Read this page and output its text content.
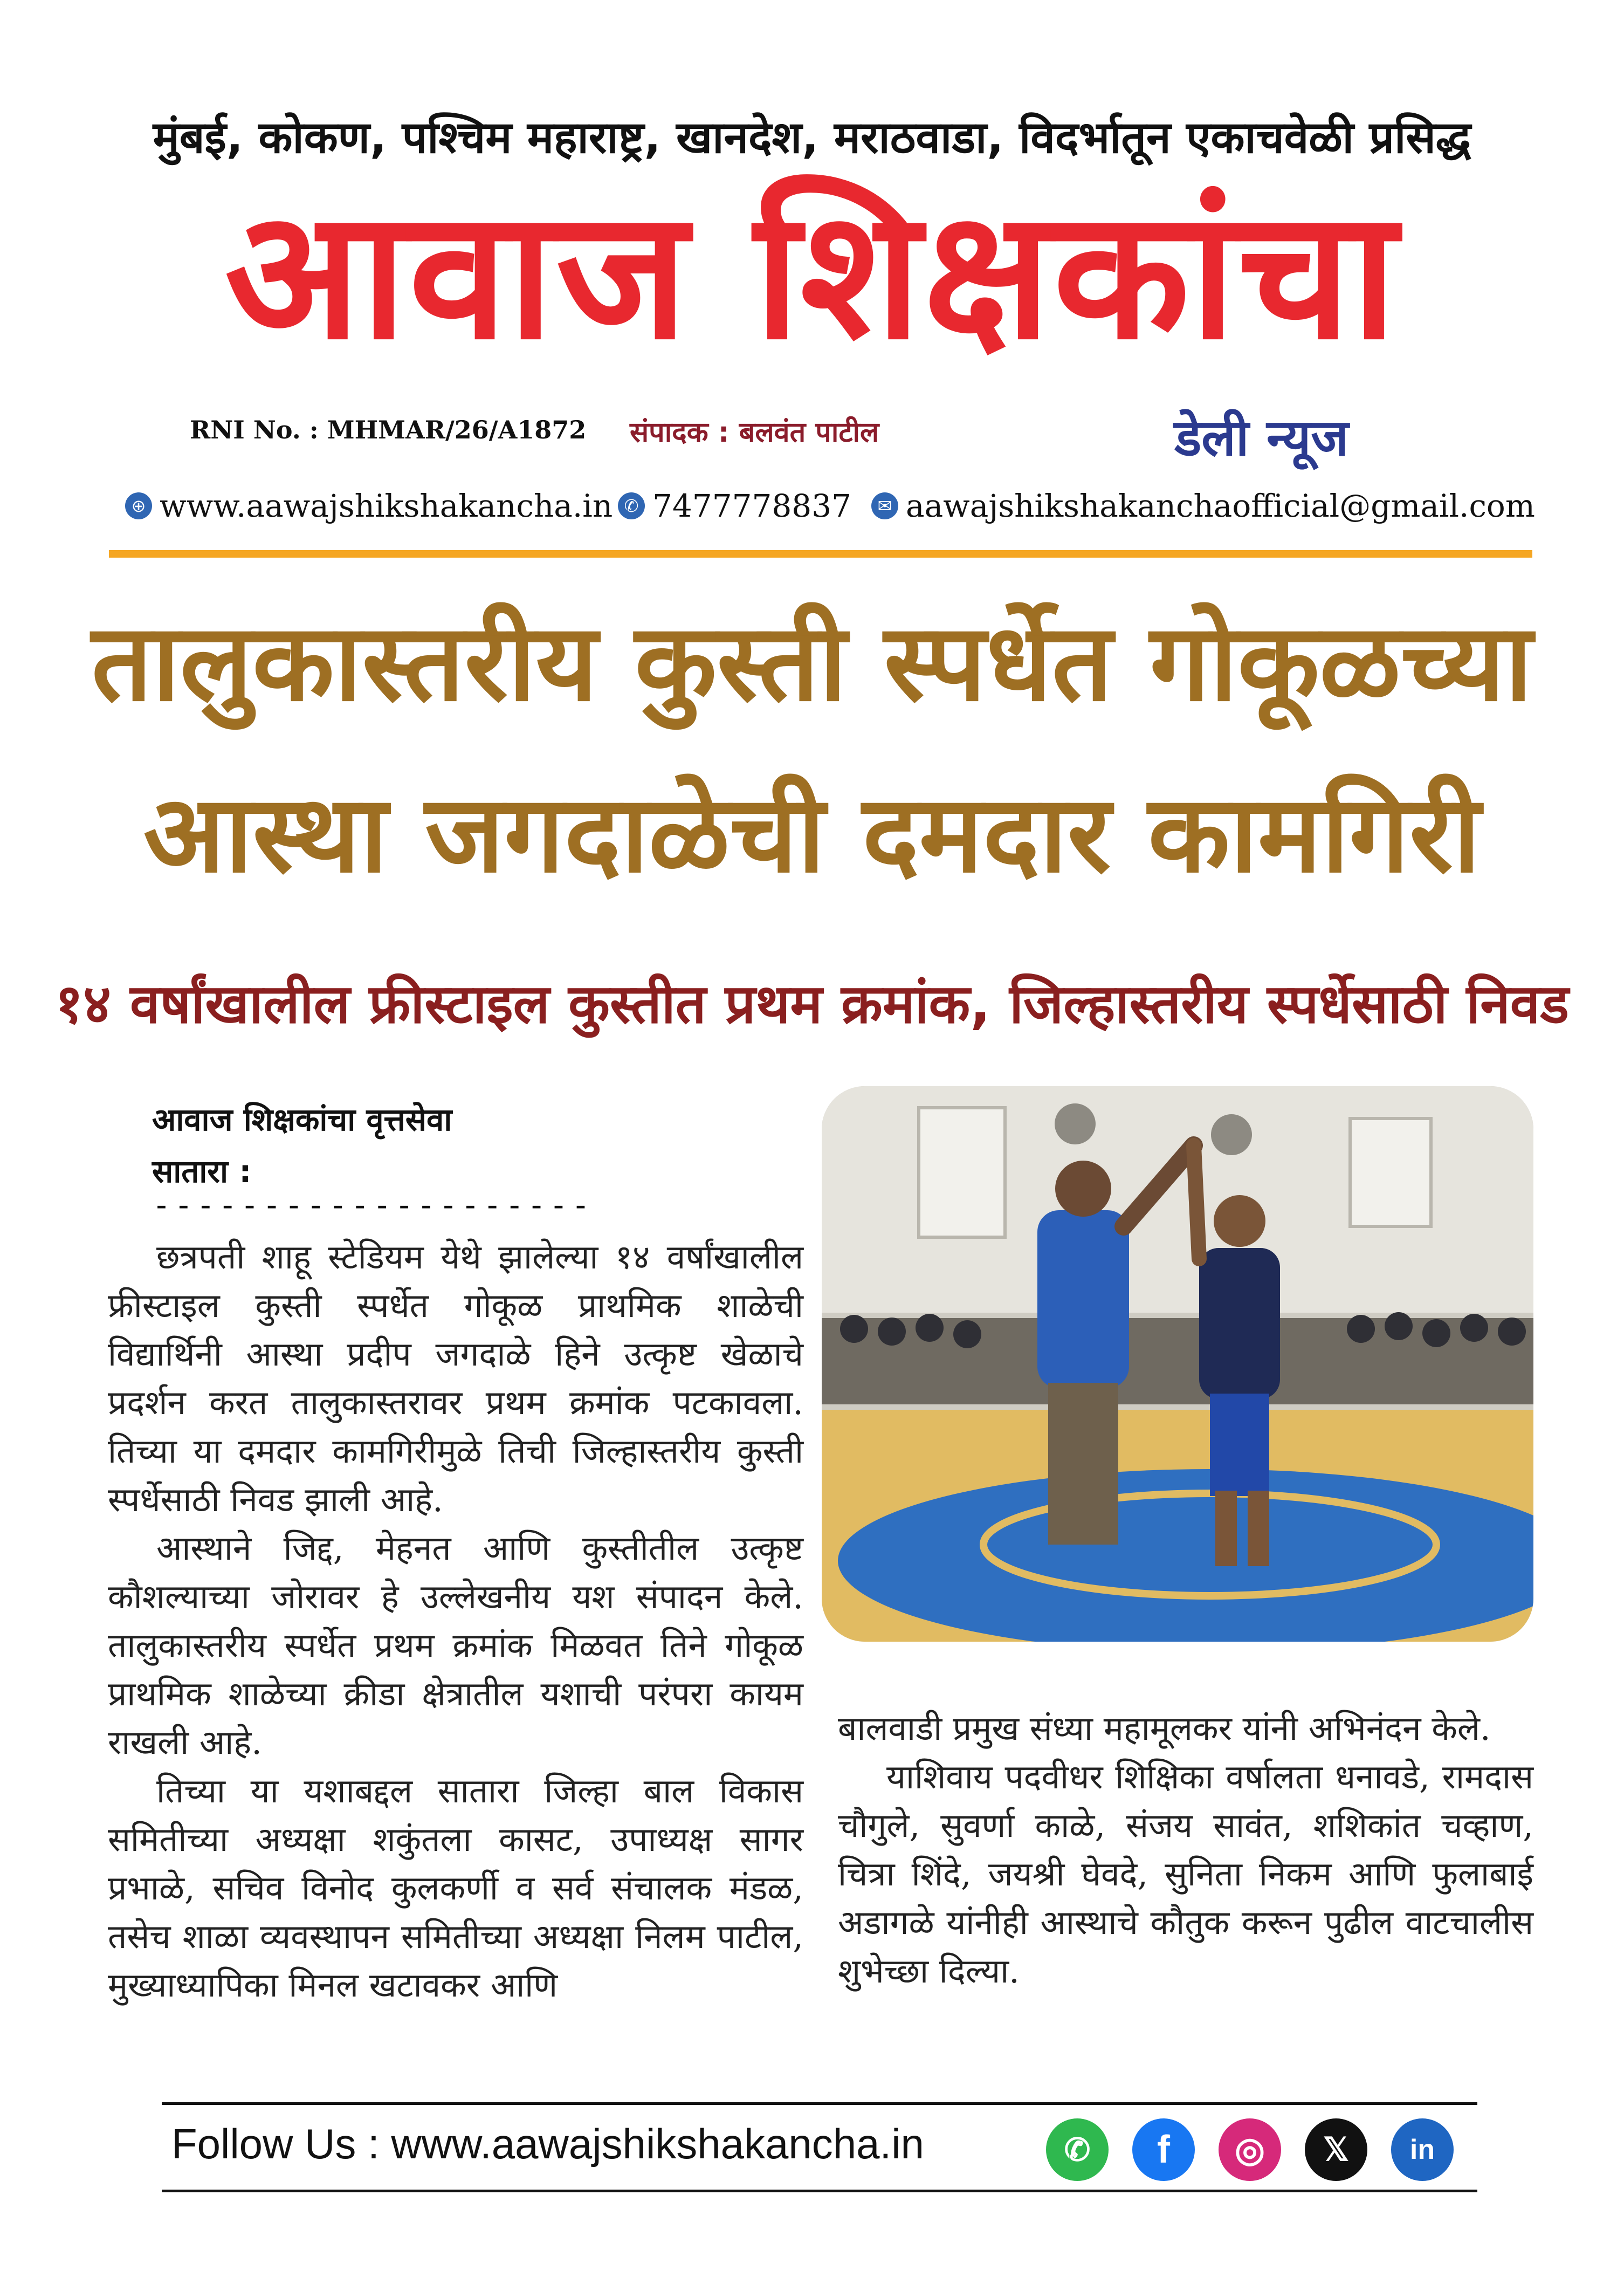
मुंबई, कोकण, पश्चिम महाराष्ट्र, खानदेश, मराठवाडा, विदर्भातून एकाचवेळी प्रसिद्ध
आवाज शिक्षकांचा
RNI No. : MHMAR/26/A1872 संपादक : बलवंत पाटील	डेली न्यूज
⊕ www.aawajshikshakancha.in ✆ 7477778837	✉ aawajshikshakanchaofficial@gmail.com
तालुकास्तरीय कुस्ती स्पर्धेत गोकूळच्या
आस्था जगदाळेची दमदार कामगिरी
१४ वर्षांखालील फ्रीस्टाइल कुस्तीत प्रथम क्रमांक, जिल्हास्तरीय स्पर्धेसाठी निवड
आवाज शिक्षकांचा वृत्तसेवा
सातारा :
--------------------

छत्रपती शाहू स्टेडियम येथे झालेल्या १४ वर्षांखालील फ्रीस्टाइल कुस्ती स्पर्धेत गोकूळ प्राथमिक शाळेची विद्यार्थिनी आस्था प्रदीप जगदाळे हिने उत्कृष्ट खेळाचे प्रदर्शन करत तालुकास्तरावर प्रथम क्रमांक पटकावला. तिच्या या दमदार कामगिरीमुळे तिची जिल्हास्तरीय कुस्ती स्पर्धेसाठी निवड झाली आहे.

आस्थाने जिद्द, मेहनत आणि कुस्तीतील उत्कृष्ट कौशल्याच्या जोरावर हे उल्लेखनीय यश संपादन केले. तालुकास्तरीय स्पर्धेत प्रथम क्रमांक मिळवत तिने गोकूळ प्राथमिक शाळेच्या क्रीडा क्षेत्रातील यशाची परंपरा कायम राखली आहे.

तिच्या या यशाबद्दल सातारा जिल्हा बाल विकास समितीच्या अध्यक्षा शकुंतला कासट, उपाध्यक्ष सागर प्रभाळे, सचिव विनोद कुलकर्णी व सर्व संचालक मंडळ, तसेच शाळा व्यवस्थापन समितीच्या अध्यक्षा निलम पाटील, मुख्याध्यापिका मिनल खटावकर आणि

बालवाडी प्रमुख संध्या महामूलकर यांनी अभिनंदन केले.

याशिवाय पदवीधर शिक्षिका वर्षालता धनावडे, रामदास चौगुले, सुवर्णा काळे, संजय सावंत, शशिकांत चव्हाण, चित्रा शिंदे, जयश्री घेवदे, सुनिता निकम आणि फुलाबाई अडागळे यांनीही आस्थाचे कौतुक करून पुढील वाटचालीस शुभेच्छा दिल्या.

Follow Us : www.aawajshikshakancha.in	✆	f	◎	𝕏	in
